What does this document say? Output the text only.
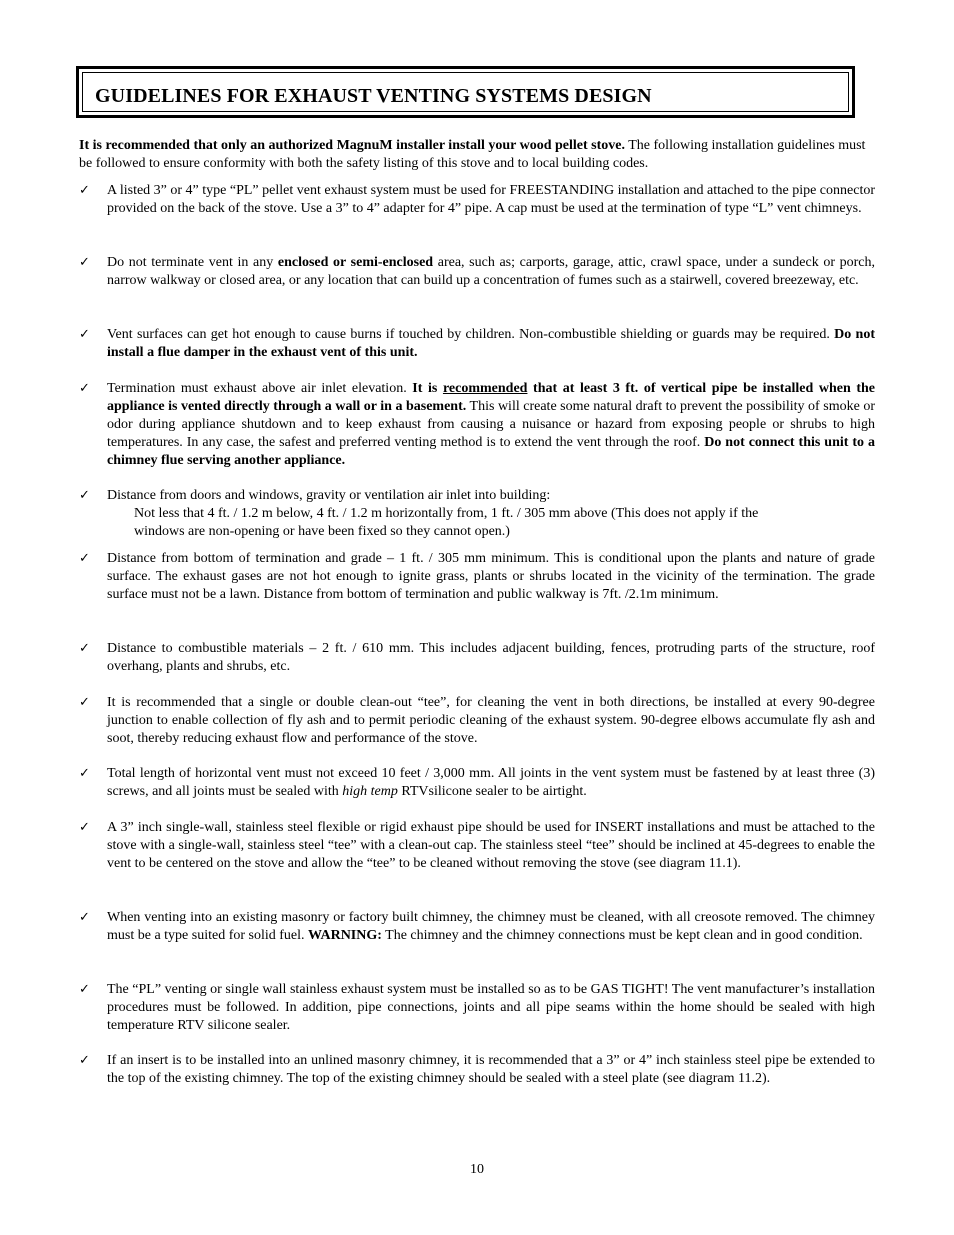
GUIDELINES FOR EXHAUST VENTING SYSTEMS DESIGN
It is recommended that only an authorized MagnuM installer install your wood pellet stove. The following installation guidelines must be followed to ensure conformity with both the safety listing of this stove and to local building codes.
✓	A listed 3” or 4” type “PL” pellet vent exhaust system must be used for FREESTANDING installation and attached to the pipe connector provided on the back of the stove. Use a 3” to 4” adapter for 4” pipe. A cap must be used at the termination of type “L” vent chimneys.
✓	Do not terminate vent in any enclosed or semi-enclosed area, such as; carports, garage, attic, crawl space, under a sundeck or porch, narrow walkway or closed area, or any location that can build up a concentration of fumes such as a stairwell, covered breezeway, etc.
✓	Vent surfaces can get hot enough to cause burns if touched by children. Non-combustible shielding or guards may be required. Do not install a flue damper in the exhaust vent of this unit.
✓	Termination must exhaust above air inlet elevation. It is recommended that at least 3 ft. of vertical pipe be installed when the appliance is vented directly through a wall or in a basement. This will create some natural draft to prevent the possibility of smoke or odor during appliance shutdown and to keep exhaust from causing a nuisance or hazard from exposing people or shrubs to high temperatures. In any case, the safest and preferred venting method is to extend the vent through the roof. Do not connect this unit to a chimney flue serving another appliance.
✓	Distance from doors and windows, gravity or ventilation air inlet into building:
Not less that 4 ft. / 1.2 m below, 4 ft. / 1.2 m horizontally from, 1 ft. / 305 mm above (This does not apply if the
windows are non-opening or have been fixed so they cannot open.)
✓	Distance from bottom of termination and grade – 1 ft. / 305 mm minimum. This is conditional upon the plants and nature of grade surface. The exhaust gases are not hot enough to ignite grass, plants or shrubs located in the vicinity of the termination. The grade surface must not be a lawn. Distance from bottom of termination and public walkway is 7ft. /2.1m minimum.
✓	Distance to combustible materials – 2 ft. / 610 mm. This includes adjacent building, fences, protruding parts of the structure, roof overhang, plants and shrubs, etc.
✓	It is recommended that a single or double clean-out “tee”, for cleaning the vent in both directions, be installed at every 90-degree junction to enable collection of fly ash and to permit periodic cleaning of the exhaust system. 90-degree elbows accumulate fly ash and soot, thereby reducing exhaust flow and performance of the stove.
✓	Total length of horizontal vent must not exceed 10 feet / 3,000 mm. All joints in the vent system must be fastened by at least three (3) screws, and all joints must be sealed with high temp RTVsilicone sealer to be airtight.
✓	A 3” inch single-wall, stainless steel flexible or rigid exhaust pipe should be used for INSERT installations and must be attached to the stove with a single-wall, stainless steel “tee” with a clean-out cap. The stainless steel “tee” should be inclined at 45-degrees to enable the vent to be centered on the stove and allow the “tee” to be cleaned without removing the stove (see diagram 11.1).
✓	When venting into an existing masonry or factory built chimney, the chimney must be cleaned, with all creosote removed. The chimney must be a type suited for solid fuel. WARNING: The chimney and the chimney connections must be kept clean and in good condition.
✓	The “PL” venting or single wall stainless exhaust system must be installed so as to be GAS TIGHT! The vent manufacturer’s installation procedures must be followed. In addition, pipe connections, joints and all pipe seams within the home should be sealed with high temperature RTV silicone sealer.
✓	If an insert is to be installed into an unlined masonry chimney, it is recommended that a 3” or 4” inch stainless steel pipe be extended to the top of the existing chimney. The top of the existing chimney should be sealed with a steel plate (see diagram 11.2).
10
